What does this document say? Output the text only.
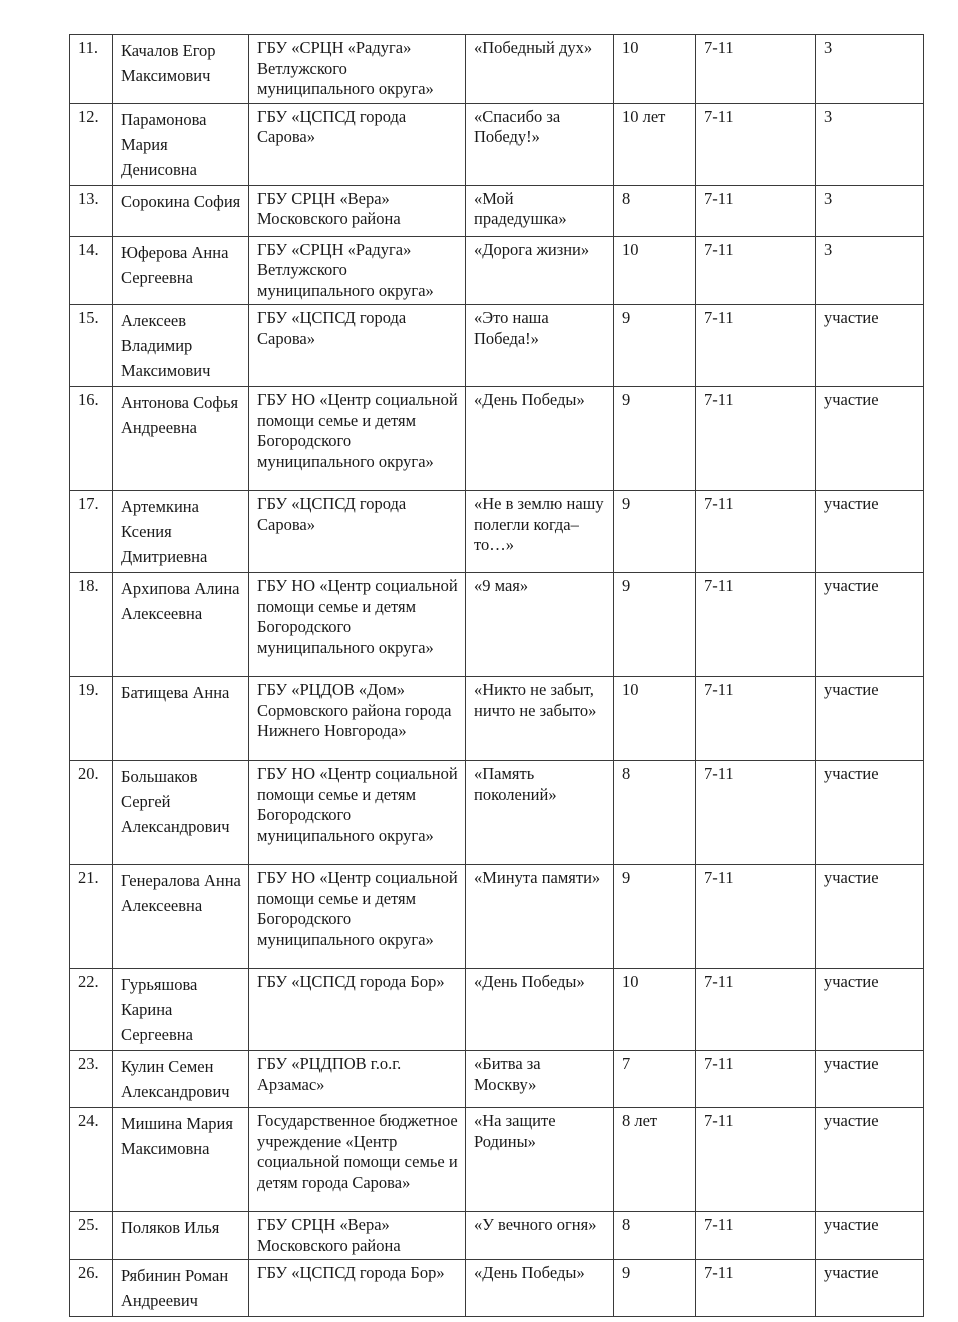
11.	Качалов Егор Максимович	ГБУ «СРЦН «Радуга» Ветлужского муниципального округа»	«Победный дух»	10	7-11	3
12.	Парамонова Мария Денисовна	ГБУ «ЦСПСД города Сарова»	«Спасибо за Победу!»	10 лет	7-11	3
13.	Сорокина София	ГБУ СРЦН «Вера» Московского района	«Мой прадедушка»	8	7-11	3
14.	Юферова Анна Сергеевна	ГБУ «СРЦН «Радуга» Ветлужского муниципального округа»	«Дорога жизни»	10	7-11	3
15.	Алексеев Владимир Максимович	ГБУ «ЦСПСД города Сарова»	«Это наша Победа!»	9	7-11	участие
16.	Антонова Софья Андреевна	ГБУ НО «Центр социальной помощи семье и детям Богородского муниципального округа»	«День Победы»	9	7-11	участие
17.	Артемкина Ксения Дмитриевна	ГБУ «ЦСПСД города Сарова»	«Не в землю нашу полегли когда–то…»	9	7-11	участие
18.	Архипова Алина Алексеевна	ГБУ НО «Центр социальной помощи семье и детям Богородского муниципального округа»	«9 мая»	9	7-11	участие
19.	Батищева Анна	ГБУ «РЦДОВ «Дом» Сормовского района города Нижнего Новгорода»	«Никто не забыт, ничто не забыто»	10	7-11	участие
20.	Большаков Сергей Александрович	ГБУ НО «Центр социальной помощи семье и детям Богородского муниципального округа»	«Память поколений»	8	7-11	участие
21.	Генералова Анна Алексеевна	ГБУ НО «Центр социальной помощи семье и детям Богородского муниципального округа»	«Минута памяти»	9	7-11	участие
22.	Гурьяшова Карина Сергеевна	ГБУ «ЦСПСД города Бор»	«День Победы»	10	7-11	участие
23.	Кулин Семен Александрович	ГБУ «РЦДПОВ г.о.г. Арзамас»	«Битва за Москву»	7	7-11	участие
24.	Мишина Мария Максимовна	Государственное бюджетное учреждение «Центр социальной помощи семье и детям города Сарова»	«На защите Родины»	8 лет	7-11	участие
25.	Поляков Илья	ГБУ СРЦН «Вера» Московского района	«У вечного огня»	8	7-11	участие
26.	Рябинин Роман Андреевич	ГБУ «ЦСПСД города Бор»	«День Победы»	9	7-11	участие
